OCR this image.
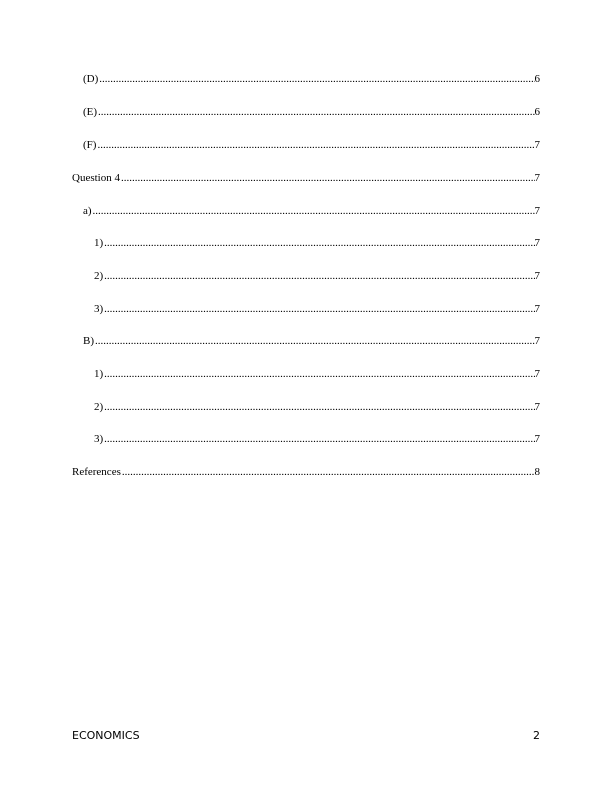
(D) .....	6
(E) .....	6
(F) .....	7
Question 4 .....	7
a) .....	7
1) .....	7
2) .....	7
3) .....	7
B) .....	7
1) .....	7
2) .....	7
3) .....	7
References .....	8
ECONOMICS	2
